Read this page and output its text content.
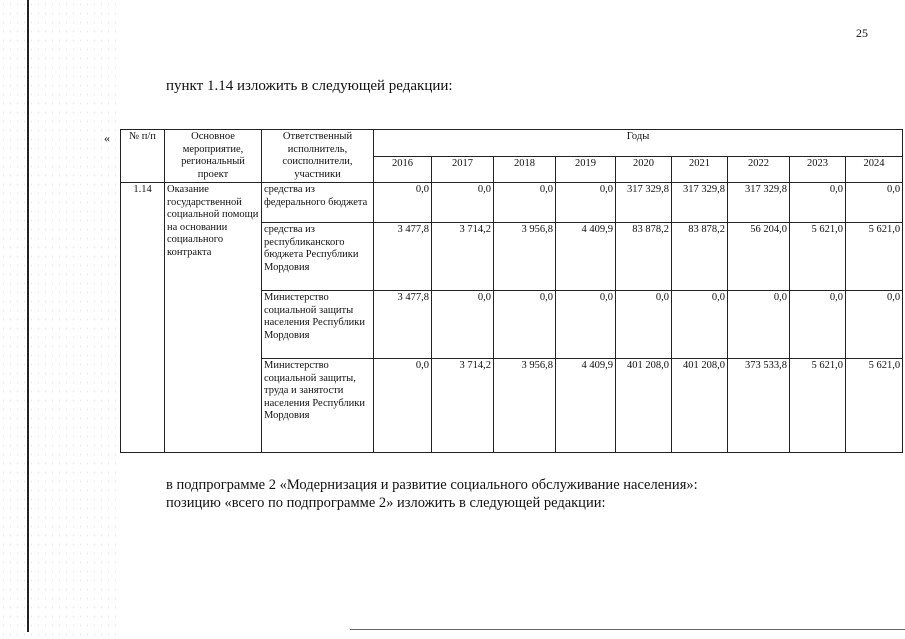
25
пункт 1.14 изложить в следующей редакции:
« № п/п	Основное мероприятие, региональный проект	Ответственный исполнитель, соисполнители, участники	Годы								
			2016	2017	2018	2019	2020	2021	2022	2023	2024
1.14	Оказание государственной социальной помощи на основании социального контракта	средства из федерального бюджета	0,0	0,0	0,0	0,0	317 329,8	317 329,8	317 329,8	0,0	0,0
		средства из республиканского бюджета Республики Мордовия	3 477,8	3 714,2	3 956,8	4 409,9	83 878,2	83 878,2	56 204,0	5 621,0	5 621,0
		Министерство социальной защиты населения Республики Мордовия	3 477,8	0,0	0,0	0,0	0,0	0,0	0,0	0,0	0,0
		Министерство социальной защиты, труда и занятости населения Республики Мордовия	0,0	3 714,2	3 956,8	4 409,9	401 208,0	401 208,0	373 533,8	5 621,0	5 621,0
в подпрограмме 2 «Модернизация и развитие социального обслуживание населения»:
позицию «всего по подпрограмме 2» изложить в следующей редакции:
